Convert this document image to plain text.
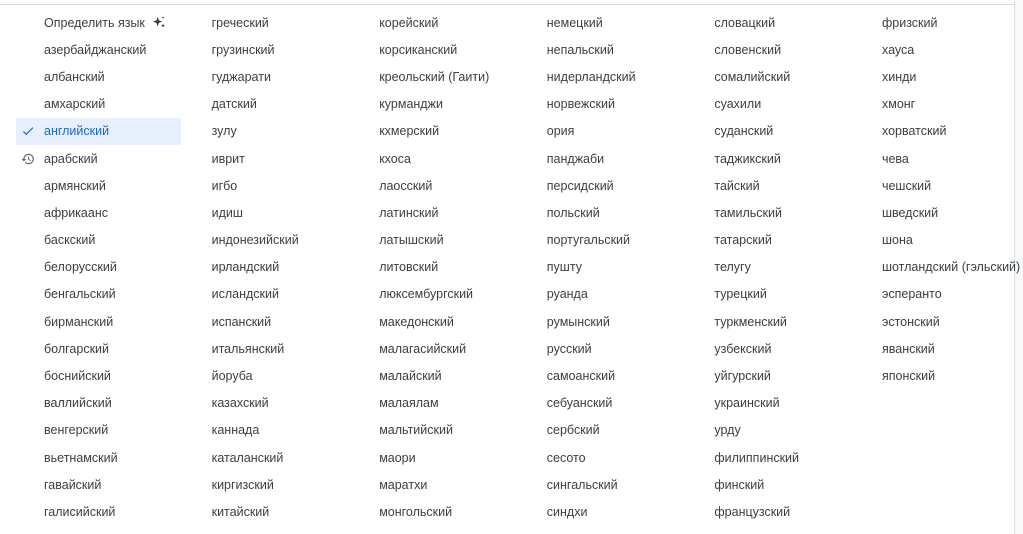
Определить язык
азербайджанский
албанский
амхарский
английский
арабский
армянский
африкаанс
баскский
белорусский
бенгальский
бирманский
болгарский
боснийский
валлийский
венгерский
вьетнамский
гавайский
галисийский
греческий
грузинский
гуджарати
датский
зулу
иврит
игбо
идиш
индонезийский
ирландский
исландский
испанский
итальянский
йоруба
казахский
каннада
каталанский
киргизский
китайский
корейский
корсиканский
креольский (Гаити)
курманджи
кхмерский
кхоса
лаосский
латинский
латышский
литовский
люксембургский
македонский
малагасийский
малайский
малаялам
мальтийский
маори
маратхи
монгольский
немецкий
непальский
нидерландский
норвежский
ория
панджаби
персидский
польский
португальский
пушту
руанда
румынский
русский
самоанский
себуанский
сербский
сесото
сингальский
синдхи
словацкий
словенский
сомалийский
суахили
суданский
таджикский
тайский
тамильский
татарский
телугу
турецкий
туркменский
узбекский
уйгурский
украинский
урду
филиппинский
финский
французский
фризский
хауса
хинди
хмонг
хорватский
чева
чешский
шведский
шона
шотландский (гэльский)
эсперанто
эстонский
яванский
японский
